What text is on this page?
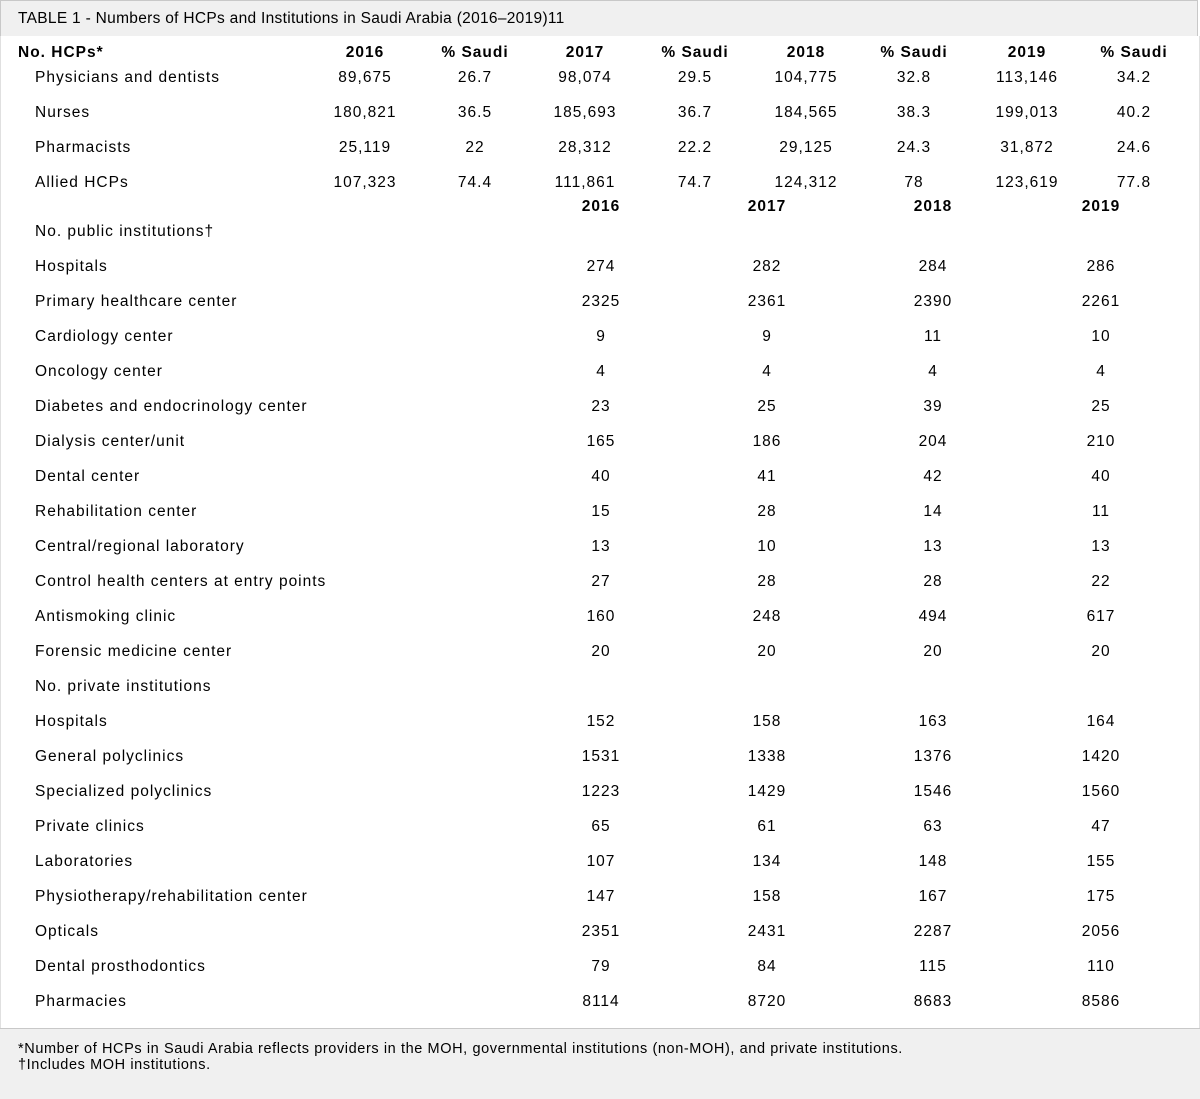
TABLE 1 - Numbers of HCPs and Institutions in Saudi Arabia (2016–2019)11
No. HCPs*	2016	% Saudi	2017	% Saudi	2018	% Saudi	2019	% Saudi
Physicians and dentists	89,675	26.7	98,074	29.5	104,775	32.8	113,146	34.2
Nurses	180,821	36.5	185,693	36.7	184,565	38.3	199,013	40.2
Pharmacists	25,119	22	28,312	22.2	29,125	24.3	31,872	24.6
Allied HCPs	107,323	74.4	111,861	74.7	124,312	78	123,619	77.8
2016	2017	2018	2019
No. public institutions†
Hospitals	274	282	284	286
Primary healthcare center	2325	2361	2390	2261
Cardiology center	9	9	11	10
Oncology center	4	4	4	4
Diabetes and endocrinology center	23	25	39	25
Dialysis center/unit	165	186	204	210
Dental center	40	41	42	40
Rehabilitation center	15	28	14	11
Central/regional laboratory	13	10	13	13
Control health centers at entry points	27	28	28	22
Antismoking clinic	160	248	494	617
Forensic medicine center	20	20	20	20
No. private institutions
Hospitals	152	158	163	164
General polyclinics	1531	1338	1376	1420
Specialized polyclinics	1223	1429	1546	1560
Private clinics	65	61	63	47
Laboratories	107	134	148	155
Physiotherapy/rehabilitation center	147	158	167	175
Opticals	2351	2431	2287	2056
Dental prosthodontics	79	84	115	110
Pharmacies	8114	8720	8683	8586
*Number of HCPs in Saudi Arabia reflects providers in the MOH, governmental institutions (non-MOH), and private institutions.
†Includes MOH institutions.
